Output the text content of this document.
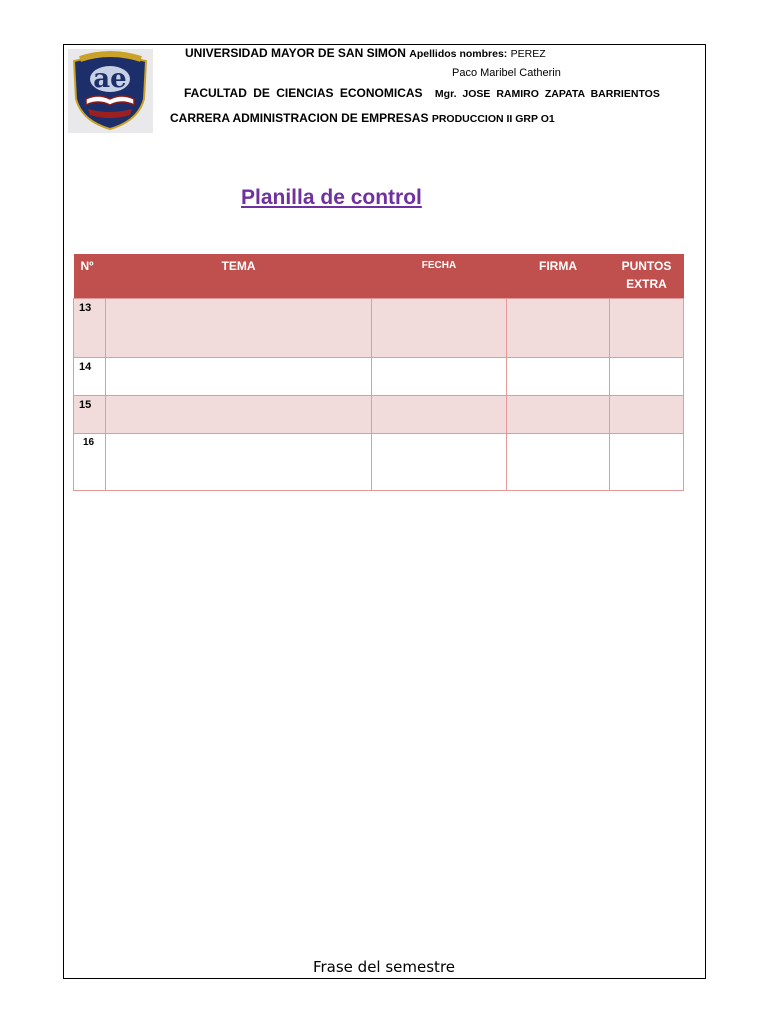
ae
UNIVERSIDAD MAYOR DE SAN SIMON Apellidos nombres: PEREZ
Paco Maribel Catherin
FACULTAD DE CIENCIAS ECONOMICAS Mgr. JOSE RAMIRO ZAPATA BARRIENTOS
CARRERA ADMINISTRACION DE EMPRESAS PRODUCCION II GRP O1
Planilla de control
Nº	TEMA	FECHA	FIRMA	PUNTOS
EXTRA
13				
14				
15				
16				
Frase del semestre
